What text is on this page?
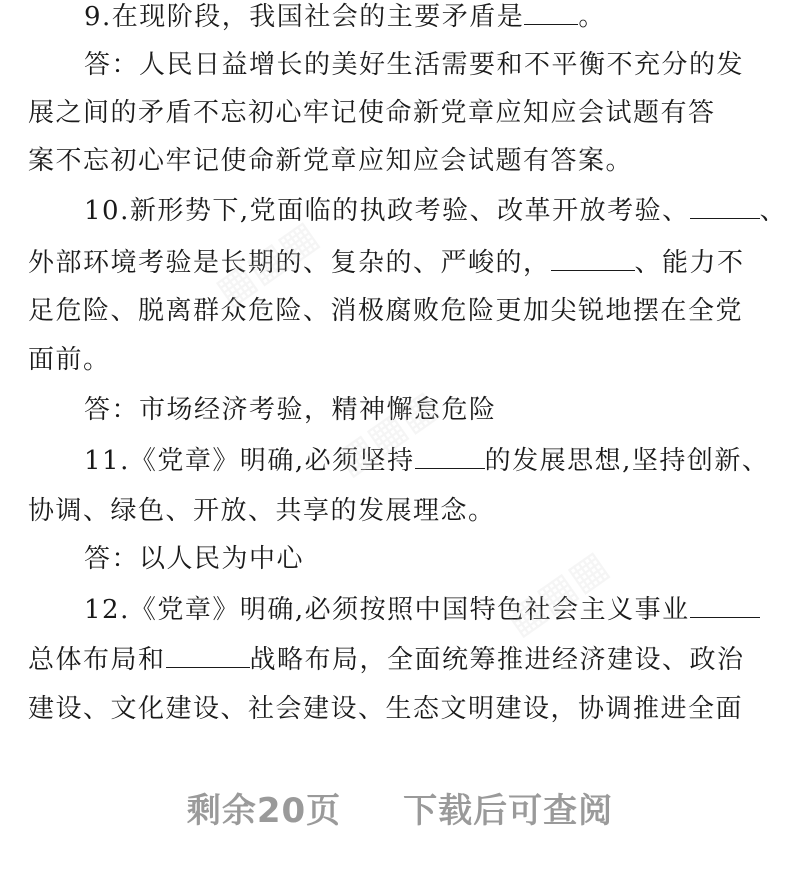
9.在现阶段，我国社会的主要矛盾是 。
答：人民日益增长的美好生活需要和不平衡不充分的发
展之间的矛盾不忘初心牢记使命新党章应知应会试题有答
案不忘初心牢记使命新党章应知应会试题有答案。
10.新形势下,党面临的执政考验、改革开放考验、	、
外部环境考验是长期的、复杂的、严峻的，	、能力不
足危险、脱离群众危险、消极腐败危险更加尖锐地摆在全党
面前。
答：市场经济考验，精神懈怠危险
11.《党章》明确,必须坚持	的发展思想,坚持创新、
协调、绿色、开放、共享的发展理念。
答：以人民为中心
12.《党章》明确,必须按照中国特色社会主义事业
总体布局和	战略布局，全面统筹推进经济建设、政治
建设、文化建设、社会建设、生态文明建设，协调推进全面
▦▦▦
▦▦▦
▦▦▦
剩余20页 下载后可查阅
